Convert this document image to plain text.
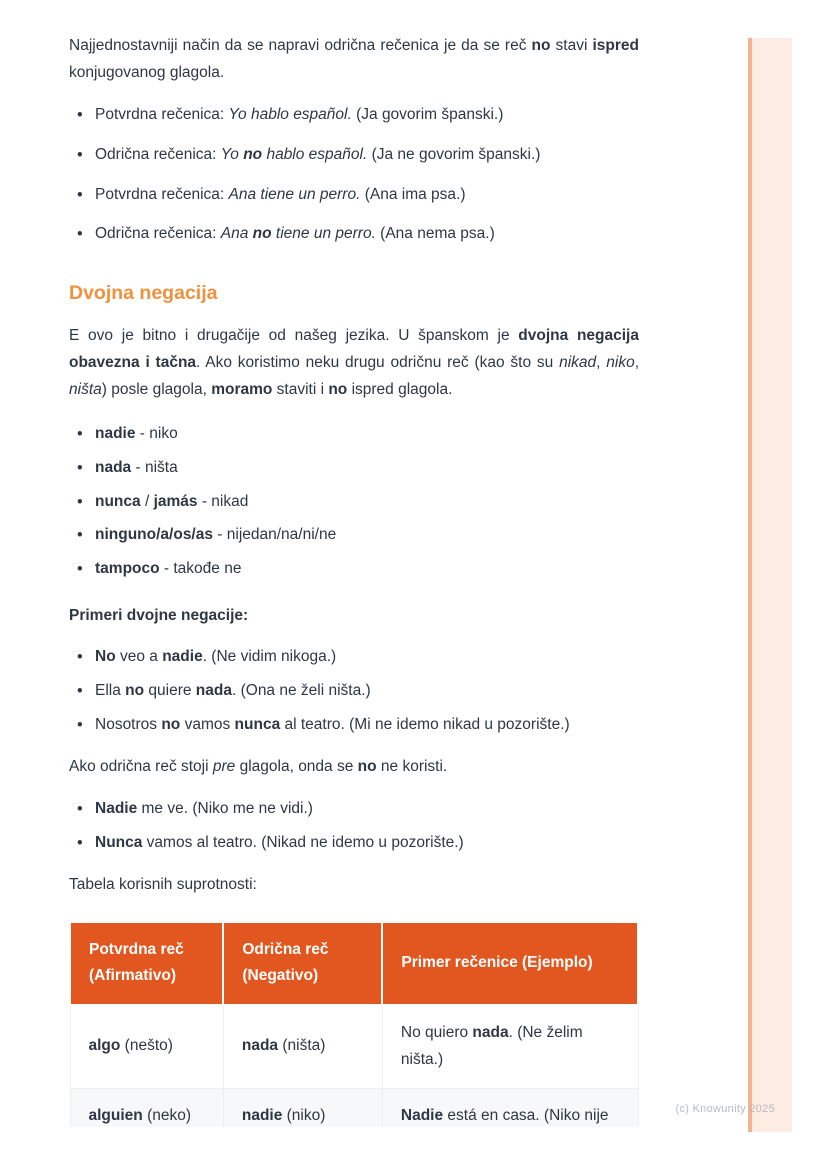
(c) Knowunity 2025

Najjednostavniji način da se napravi odrična rečenica je da se reč no stavi ispred konjugovanog glagola.

• Potvrdna rečenica: Yo hablo español. (Ja govorim španski.)
• Odrična rečenica: Yo no hablo español. (Ja ne govorim španski.)
• Potvrdna rečenica: Ana tiene un perro. (Ana ima psa.)
• Odrična rečenica: Ana no tiene un perro. (Ana nema psa.)
Dvojna negacija

E ovo je bitno i drugačije od našeg jezika. U španskom je dvojna negacija obavezna i tačna. Ako koristimo neku drugu odričnu reč (kao što su nikad, niko, ništa) posle glagola, moramo staviti i no ispred glagola.

• nadie - niko
• nada - ništa
• nunca / jamás - nikad
• ninguno/a/os/as - nijedan/na/ni/ne
• tampoco - takođe ne

Primeri dvojne negacije:

• No veo a nadie. (Ne vidim nikoga.)
• Ella no quiere nada. (Ona ne želi ništa.)
• Nosotros no vamos nunca al teatro. (Mi ne idemo nikad u pozorište.)

Ako odrična reč stoji pre glagola, onda se no ne koristi.

• Nadie me ve. (Niko me ne vidi.)
• Nunca vamos al teatro. (Nikad ne idemo u pozorište.)

Tabela korisnih suprotnosti:

Potvrdna reč (Afirmativo)	Odrična reč (Negativo)	Primer rečenice (Ejemplo)
algo (nešto)	nada (ništa)	No quiero nada. (Ne želim ništa.)
alguien (neko)	nadie (niko)	Nadie está en casa. (Niko nije
